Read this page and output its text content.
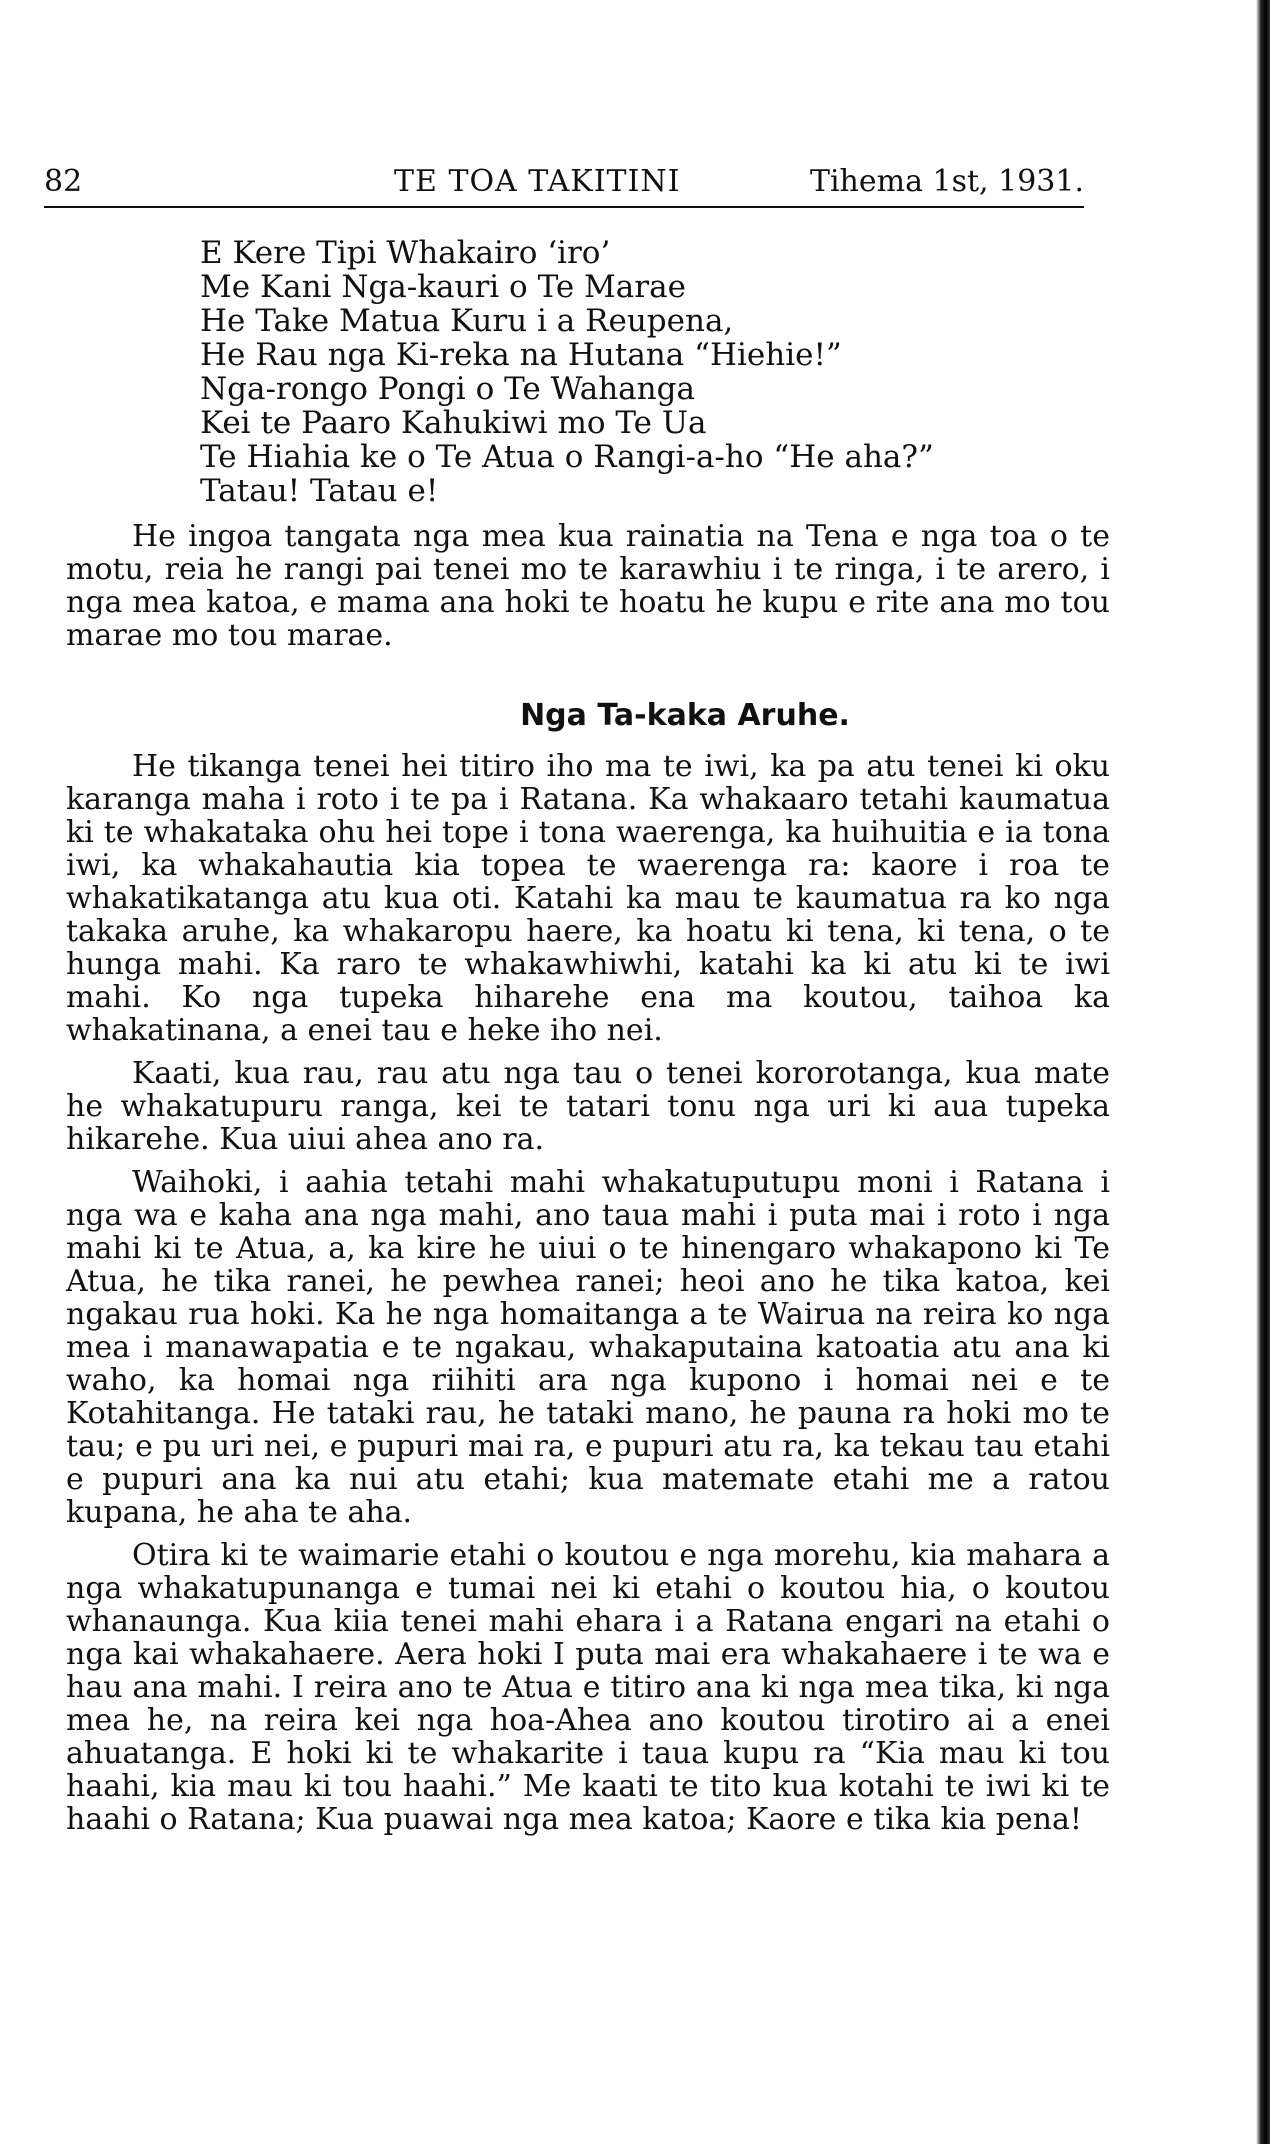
82	TE TOA TAKITINI	Tihema 1st, 1931.
E Kere Tipi Whakairo ‘iro’
Me Kani Nga-kauri o Te Marae
He Take Matua Kuru i a Reupena,
He Rau nga Ki-reka na Hutana “Hiehie!”
Nga-rongo Pongi o Te Wahanga
Kei te Paaro Kahukiwi mo Te Ua
Te Hiahia ke o Te Atua o Rangi-a-ho “He aha?”
Tatau! Tatau e!

He ingoa tangata nga mea kua rainatia na Tena e nga toa o te motu, reia he rangi pai tenei mo te karawhiu i te ringa, i te arero, i nga mea katoa, e mama ana hoki te hoatu he kupu e rite ana mo tou marae mo tou marae.

Nga Ta-kaka Aruhe.

He tikanga tenei hei titiro iho ma te iwi, ka pa atu tenei ki oku karanga maha i roto i te pa i Ratana. Ka whakaaro tetahi kaumatua ki te whakataka ohu hei tope i tona waerenga, ka huihuitia e ia tona iwi, ka whakahautia kia topea te waerenga ra: kaore i roa te whakatikatanga atu kua oti. Katahi ka mau te kaumatua ra ko nga takaka aruhe, ka whakaropu haere, ka hoatu ki tena, ki tena, o te hunga mahi. Ka raro te whakawhiwhi, katahi ka ki atu ki te iwi mahi. Ko nga tupeka hiharehe ena ma koutou, taihoa ka whakatinana, a enei tau e heke iho nei.

Kaati, kua rau, rau atu nga tau o tenei kororotanga, kua mate he whakatupuru ranga, kei te tatari tonu nga uri ki aua tupeka hikarehe. Kua uiui ahea ano ra.

Waihoki, i aahia tetahi mahi whakatuputupu moni i Ratana i nga wa e kaha ana nga mahi, ano taua mahi i puta mai i roto i nga mahi ki te Atua, a, ka kire he uiui o te hinengaro whakapono ki Te Atua, he tika ranei, he pewhea ranei; heoi ano he tika katoa, kei ngakau rua hoki. Ka he nga homaitanga a te Wairua na reira ko nga mea i manawapatia e te ngakau, whakaputaina katoatia atu ana ki waho, ka homai nga riihiti ara nga kupono i homai nei e te Kotahitanga. He tataki rau, he tataki mano, he pauna ra hoki mo te tau; e pu uri nei, e pupuri mai ra, e pupuri atu ra, ka tekau tau etahi e pupuri ana ka nui atu etahi; kua matemate etahi me a ratou kupana, he aha te aha.

Otira ki te waimarie etahi o koutou e nga morehu, kia mahara a nga whakatupunanga e tumai nei ki etahi o koutou hia, o koutou whanaunga. Kua kiia tenei mahi ehara i a Ratana engari na etahi o nga kai whakahaere. Aera hoki I puta mai era whakahaere i te wa e hau ana mahi. I reira ano te Atua e titiro ana ki nga mea tika, ki nga mea he, na reira kei nga hoa-Ahea ano koutou tirotiro ai a enei ahuatanga. E hoki ki te whakarite i taua kupu ra “Kia mau ki tou haahi, kia mau ki tou haahi.” Me kaati te tito kua kotahi te iwi ki te haahi o Ratana; Kua puawai nga mea katoa; Kaore e tika kia pena!
